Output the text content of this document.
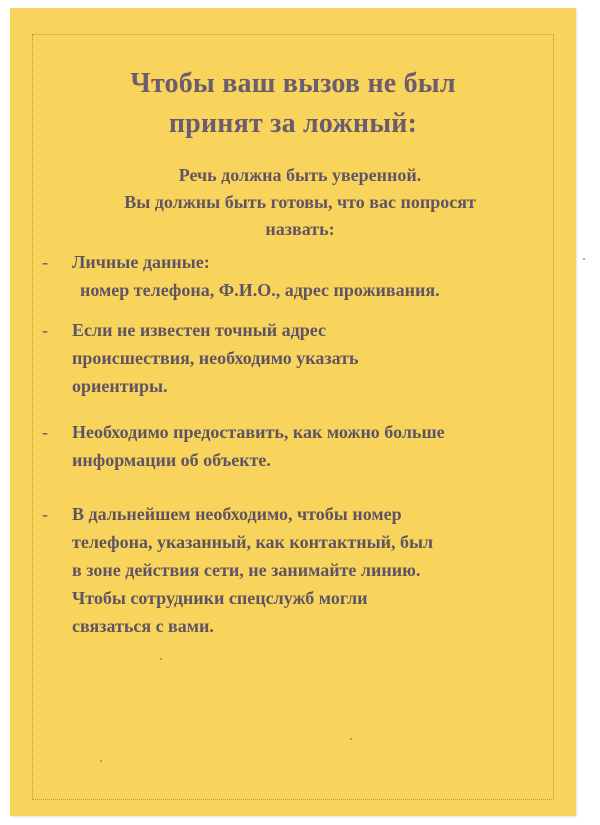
Чтобы ваш вызов не был
принят за ложный:
Речь должна быть уверенной.
Вы должны быть готовы, что вас попросят
назвать:
-	Личные данные:
номер телефона, Ф.И.О., адрес проживания.
-	Если не известен точный адрес
происшествия, необходимо указать
ориентиры.
-	Необходимо предоставить, как можно больше
информации об объекте.
-	В дальнейшем необходимо, чтобы номер
телефона, указанный, как контактный, был
в зоне действия сети, не занимайте линию.
Чтобы сотрудники спецслужб могли
связаться с вами.
